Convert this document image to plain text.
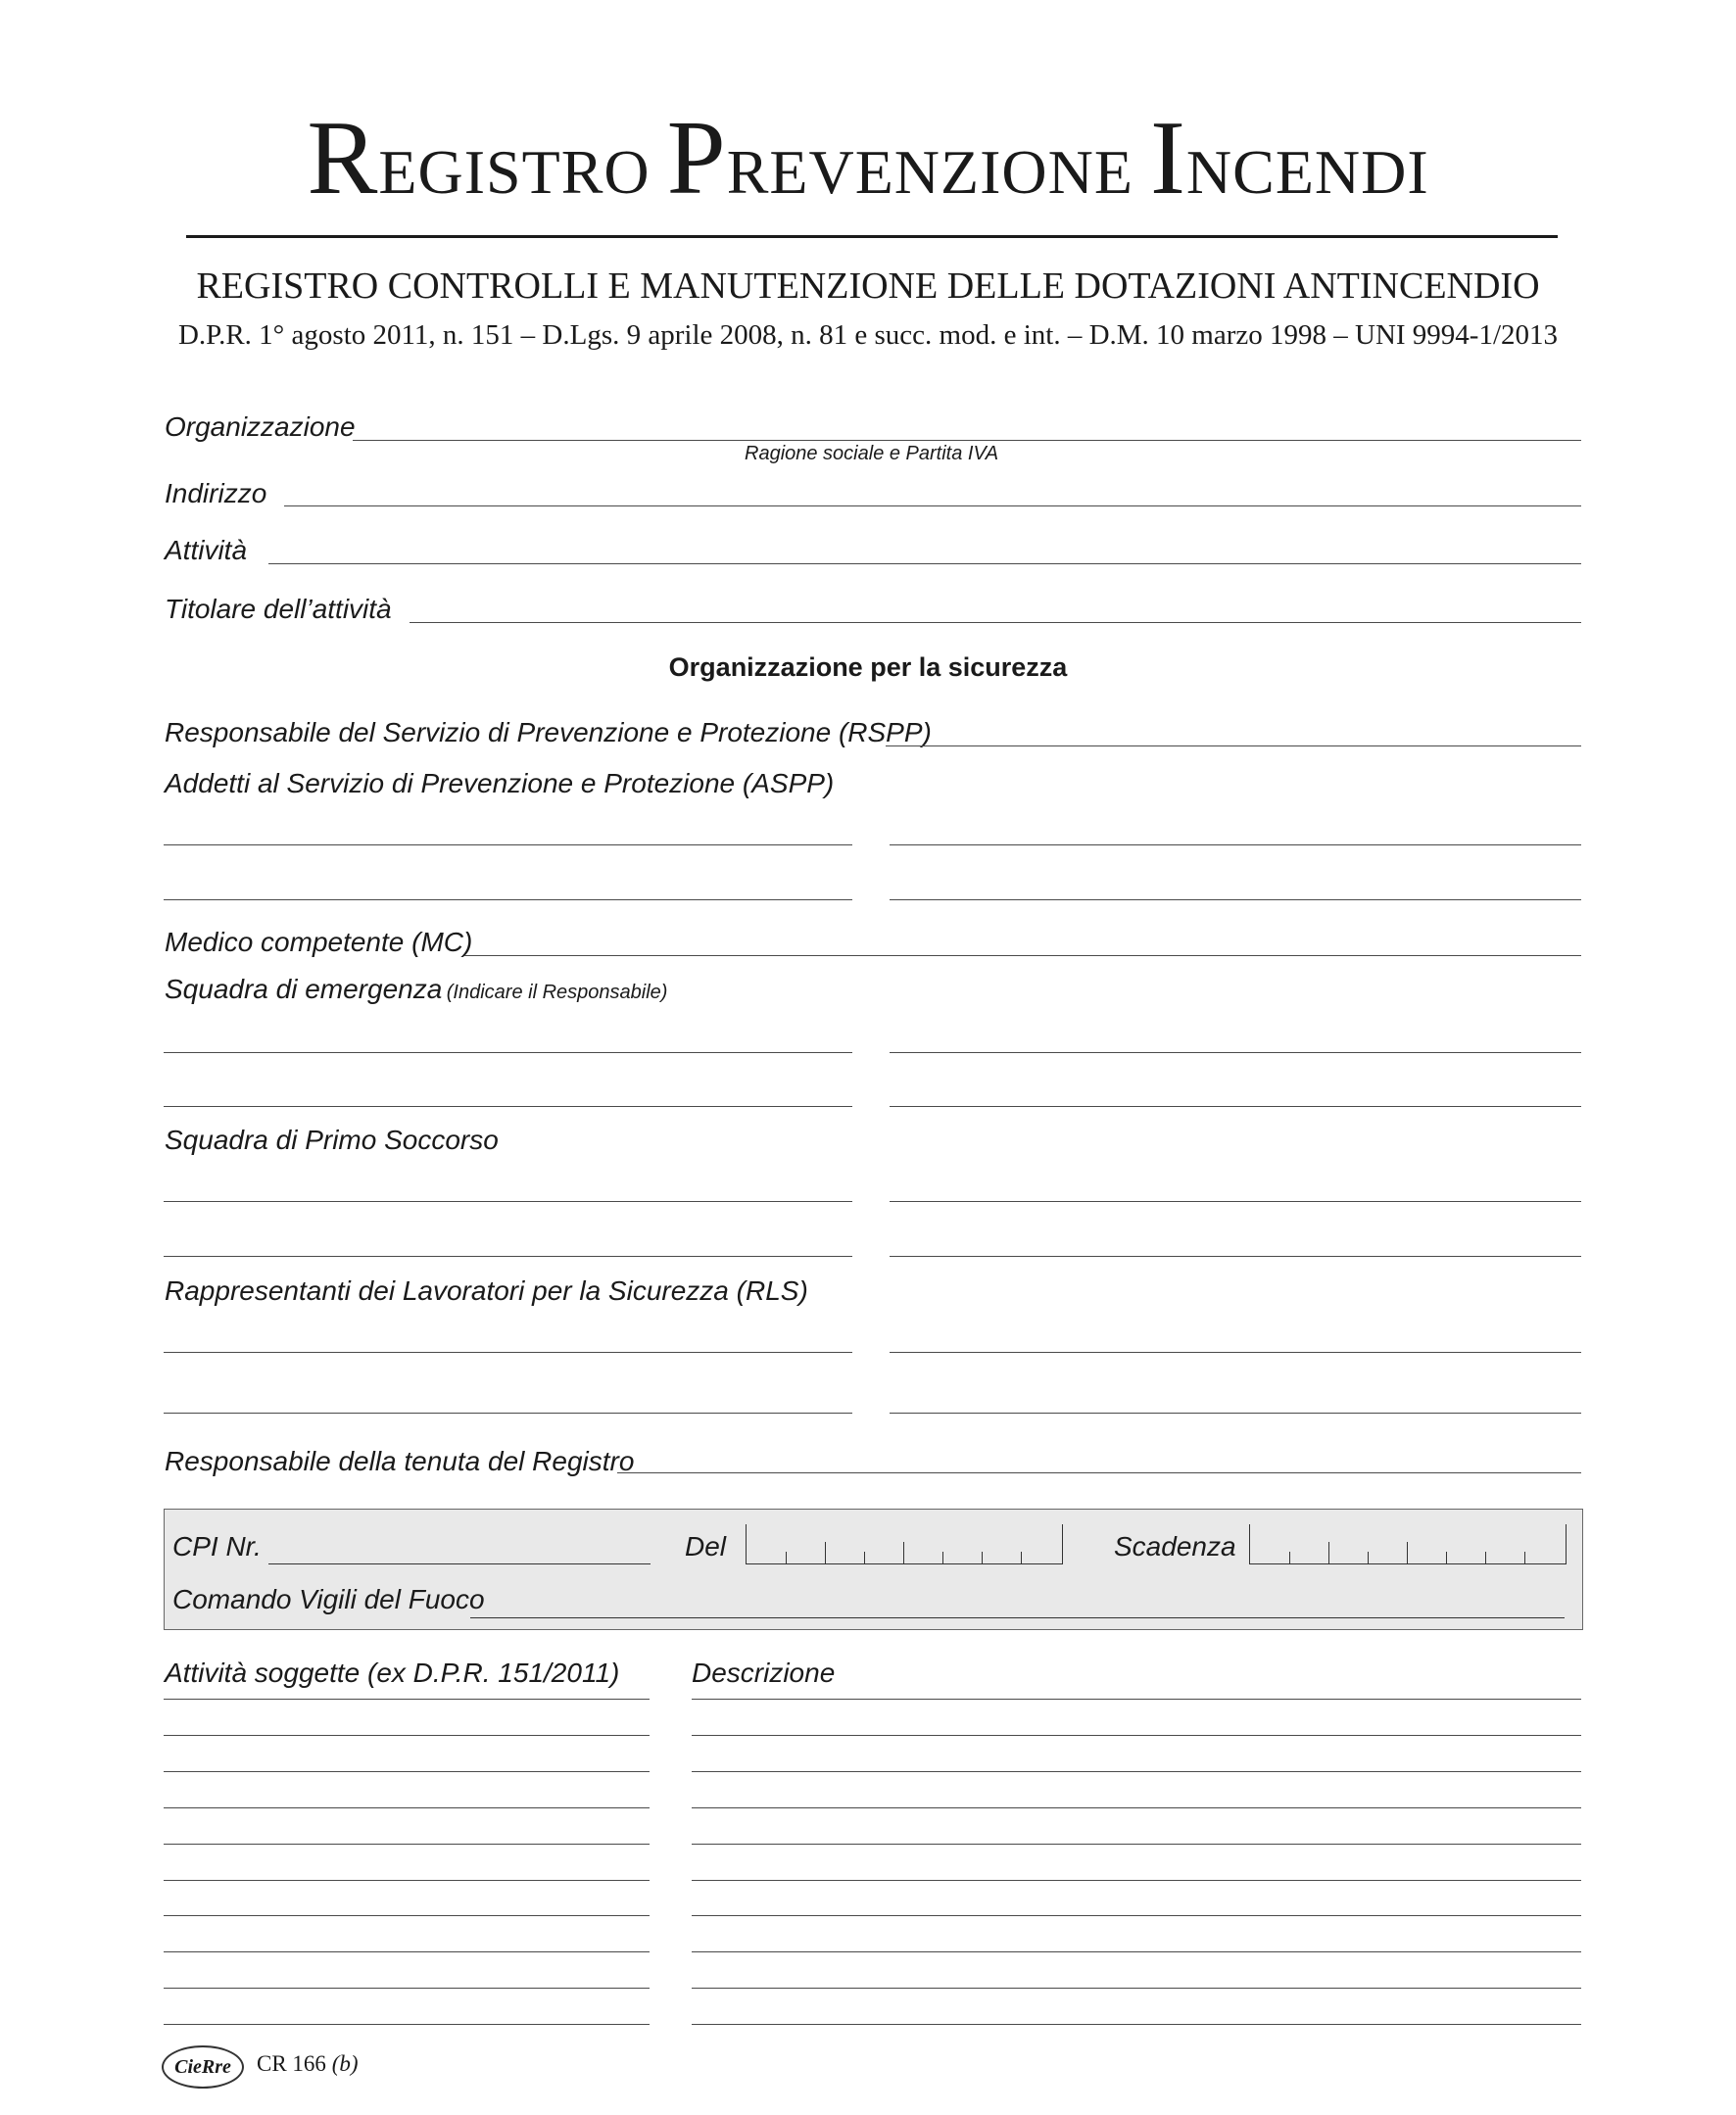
REGISTRO PREVENZIONE INCENDI
REGISTRO CONTROLLI E MANUTENZIONE DELLE DOTAZIONI ANTINCENDIO
D.P.R. 1° agosto 2011, n. 151 – D.Lgs. 9 aprile 2008, n. 81 e succ. mod. e int. – D.M. 10 marzo 1998 – UNI 9994-1/2013
Organizzazione
Ragione sociale e Partita IVA
Indirizzo
Attività
Titolare dell’attività
Organizzazione per la sicurezza
Responsabile del Servizio di Prevenzione e Protezione (RSPP)
Addetti al Servizio di Prevenzione e Protezione (ASPP)
Medico competente (MC)
Squadra di emergenza (Indicare il Responsabile)
Squadra di Primo Soccorso
Rappresentanti dei Lavoratori per la Sicurezza (RLS)
Responsabile della tenuta del Registro
CPI Nr.	Del	Scadenza
Comando Vigili del Fuoco
Attività soggette (ex D.P.R. 151/2011)	Descrizione
CieRre CR 166 (b)
